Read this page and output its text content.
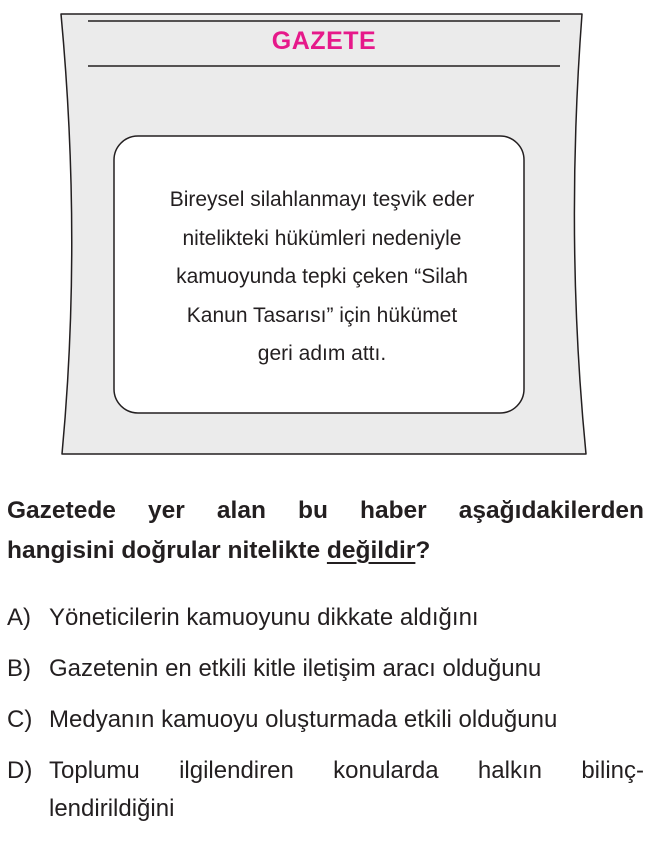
GAZETE
Bireysel silahlanmayı teşvik eder
nitelikteki hükümleri nedeniyle
kamuoyunda tepki çeken “Silah
Kanun Tasarısı” için hükümet
geri adım attı.
Gazetede yer alan bu haber aşağıdakilerden
hangisini doğrular nitelikte değildir?
A) Yöneticilerin kamuoyunu dikkate aldığını
B) Gazetenin en etkili kitle iletişim aracı olduğunu
C) Medyanın kamuoyu oluşturmada etkili olduğunu
D) Toplumu ilgilendiren konularda halkın bilinç-
lendirildiğini
